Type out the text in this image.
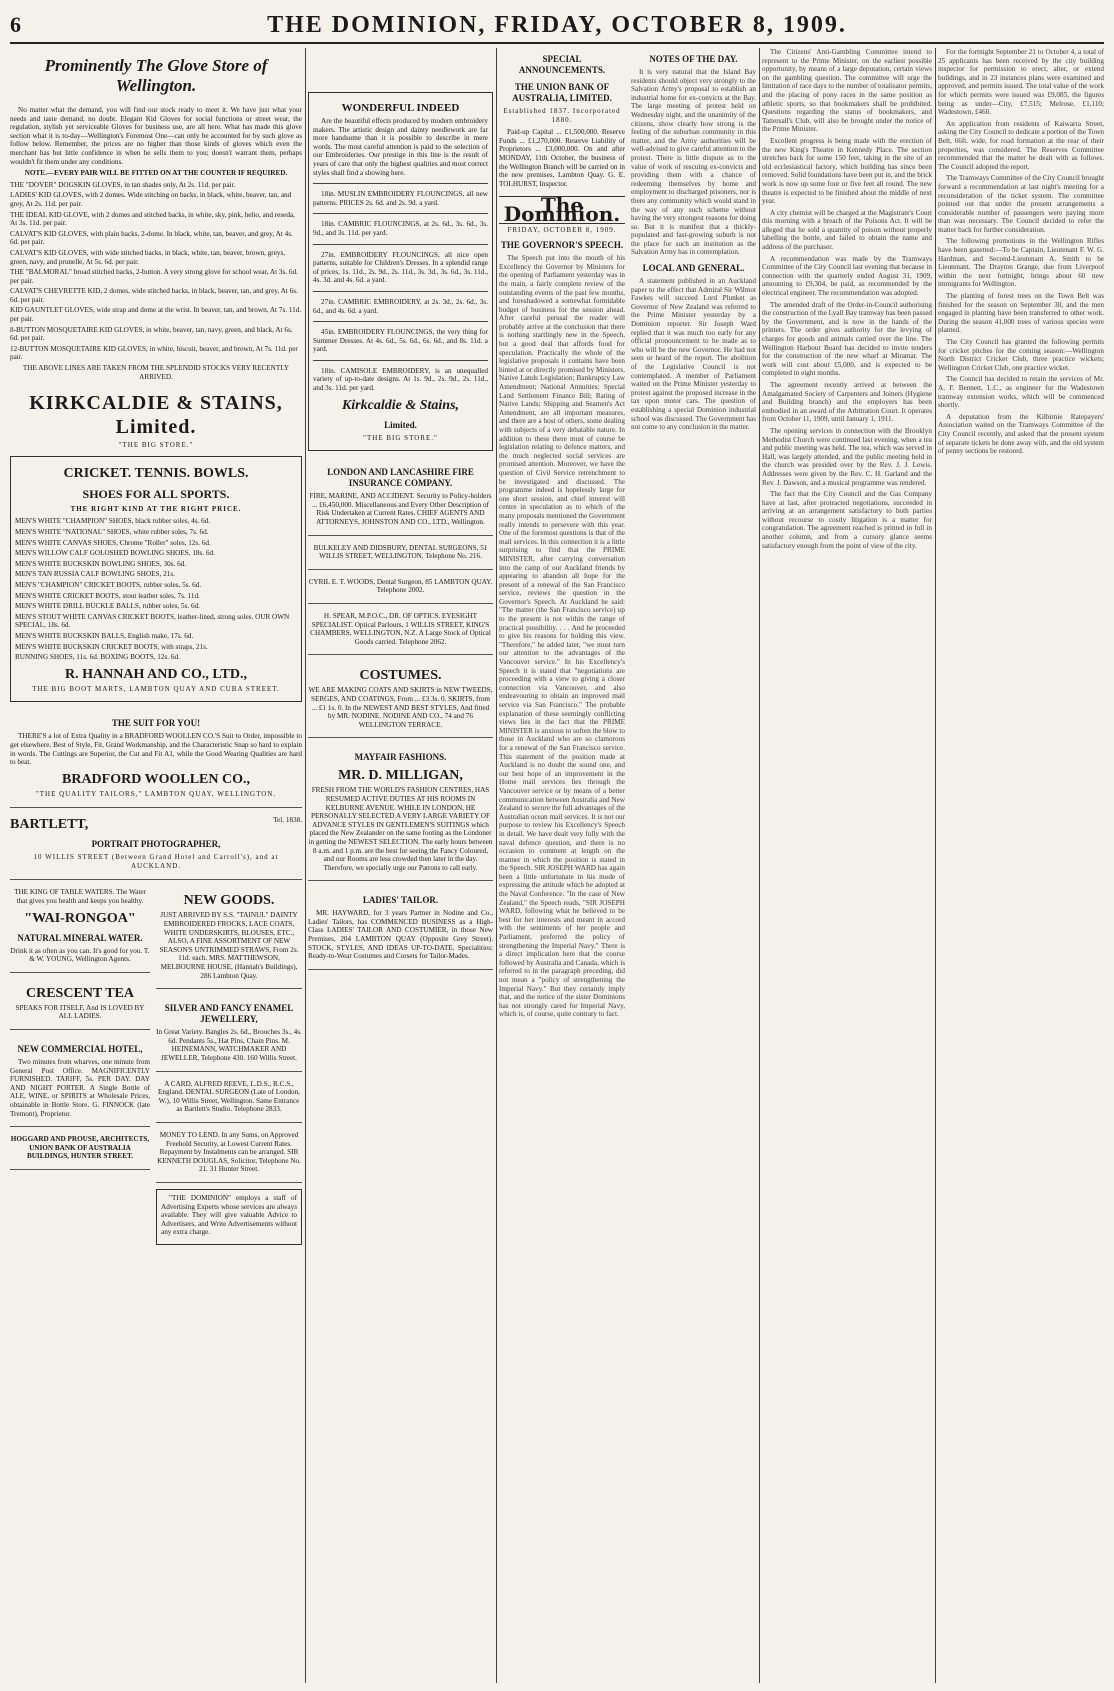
6	THE DOMINION, FRIDAY, OCTOBER 8, 1909.
Prominently The Glove Store of Wellington.

No matter what the demand, you will find our stock ready to meet it. We have just what your needs and taste demand, no doubt. Elegant Kid Gloves for social functions or street wear, the regulation, stylish yet serviceable Gloves for business use, are all here. What has made this glove section what it is to-day—Wellington's Foremost One—can only be accounted for by such glove as follow below. Remember, the prices are no higher than those kinds of gloves which even the merchant has but little confidence in when he sells them to you; doesn't warrant them, perhaps wouldn't fit them under any conditions.

NOTE.—EVERY PAIR WILL BE FITTED ON AT THE COUNTER IF REQUIRED.

THE "DOVER" DOGSKIN GLOVES, in tan shades only, At 2s. 11d. per pair.

LADIES' KID GLOVES, with 2 domes. Wide stitching on backs, in black, white, beaver, tan, and grey, At 2s. 11d. per pair.

THE IDEAL KID GLOVE, with 2 domes and stitched backs, in white, sky, pink, helio, and reseda, At 3s. 11d. per pair.

CALVAT'S KID GLOVES, with plain backs, 2-dome. In black, white, tan, beaver, and grey, At 4s. 6d. per pair.

CALVAT'S KID GLOVES, with wide stitched backs, in black, white, tan, beaver, brown, greys, green, navy, and prunelle, At 5s. 6d. per pair.

THE "BALMORAL" broad stitched backs, 2-button. A very strong glove for school wear, At 3s. 6d. per pair.

CALVAT'S CHEVRETTE KID, 2 domes, wide stitched backs, in black, beaver, tan, and grey, At 6s. 6d. per pair.

KID GAUNTLET GLOVES, wide strap and dome at the wrist. In beaver, tan, and brown, At 7s. 11d. per pair.

8-BUTTON MOSQUETAIRE KID GLOVES, in white, beaver, tan, navy, green, and black, At 6s. 6d. per pair.

12-BUTTON MOSQUETAIRE KID GLOVES, in white, biscuit, beaver, and brown, At 7s. 11d. per pair.

THE ABOVE LINES ARE TAKEN FROM THE SPLENDID STOCKS VERY RECENTLY ARRIVED.

KIRKCALDIE & STAINS, Limited.
"THE BIG STORE."
CRICKET. TENNIS. BOWLS.
SHOES FOR ALL SPORTS.
THE RIGHT KIND AT THE RIGHT PRICE.

MEN'S WHITE "CHAMPION" SHOES, black rubber soles, 4s. 6d.

MEN'S WHITE "NATIONAL" SHOES, white rubber soles, 7s. 6d.

MEN'S WHITE CANVAS SHOES, Chrome "Roller" soles, 12s. 6d.

MEN'S WILLOW CALF GOLOSHED BOWLING SHOES, 18s. 6d.

MEN'S WHITE BUCKSKIN BOWLING SHOES, 30s. 6d.

MEN'S TAN RUSSIA CALF BOWLING SHOES, 21s.

MEN'S "CHAMPION" CRICKET BOOTS, rubber soles, 5s. 6d.

MEN'S WHITE CRICKET BOOTS, stout leather soles, 7s. 11d.

MEN'S WHITE DRILL BUCKLE BALLS, rubber soles, 5s. 6d.

MEN'S STOUT WHITE CANVAS CRICKET BOOTS, leather-lined, strong soles. OUR OWN SPECIAL, 18s. 6d.

MEN'S WHITE BUCKSKIN BALLS, English make, 17s. 6d.

MEN'S WHITE BUCKSKIN CRICKET BOOTS, with straps, 21s.

RUNNING SHOES, 11s. 6d. BOXING BOOTS, 12s. 6d.

R. HANNAH AND CO., LTD.,
THE BIG BOOT MARTS, LAMBTON QUAY AND CUBA STREET.
THE SUIT FOR YOU!

THERE'S a lot of Extra Quality in a BRADFORD WOOLLEN CO.'S Suit to Order, impossible to get elsewhere. Best of Style, Fit, Grand Workmanship, and the Characteristic Snap so hard to explain in words. The Cuttings are Superior, the Cut and Fit A1, while the Good Wearing Qualities are hard to beat.

BRADFORD WOOLLEN CO.,
"THE QUALITY TAILORS," LAMBTON QUAY, WELLINGTON.
BARTLETT,	Tel. 1838.
PORTRAIT PHOTOGRAPHER,
10 WILLIS STREET (Between Grand Hotel and Carroll's), and at AUCKLAND.

THE KING OF TABLE WATERS. The Water that gives you health and keeps you healthy.

"WAI-RONGOA"
NATURAL MINERAL WATER.

Drink it as often as you can. It's good for you. T. & W. YOUNG, Wellington Agents.

CRESCENT TEA

SPEAKS FOR ITSELF, And IS LOVED BY ALL LADIES.

NEW COMMERCIAL HOTEL,

Two minutes from wharves, one minute from General Post Office. MAGNIFICENTLY FURNISHED. TARIFF, 5s. PER DAY. DAY AND NIGHT PORTER. A Single Bottle of ALE, WINE, or SPIRITS at Wholesale Prices, obtainable in Bottle Store. G. FINNOCK (late Tremont), Proprietor.

HOGGARD AND PROUSE, ARCHITECTS, UNION BANK OF AUSTRALIA BUILDINGS, HUNTER STREET.

NEW GOODS.

JUST ARRIVED BY S.S. "TAINUI." DAINTY EMBROIDERED FROCKS, LACE COATS, WHITE UNDERSKIRTS, BLOUSES, ETC., ALSO, A FINE ASSORTMENT OF NEW SEASON'S UNTRIMMED STRAWS, From 2s. 11d. each. MRS. MATTHEWSON, MELBOURNE HOUSE, (Hannah's Buildings), 286 Lambton Quay.

SILVER AND FANCY ENAMEL JEWELLERY,

In Great Variety. Bangles 2s. 6d., Brooches 3s., 4s. 6d. Pendants 5s., Hat Pins, Chain Pins. M. HEINEMANN, WATCHMAKER AND JEWELLER, Telephone 430. 160 Willis Street.

A CARD. ALFRED REEVE, L.D.S., R.C.S., England. DENTAL SURGEON (Late of London, W.), 10 Willis Street, Wellington. Same Entrance as Bartlett's Studio. Telephone 2833.

MONEY TO LEND. In any Sums, on Approved Freehold Security, at Lowest Current Rates. Repayment by Instalments can be arranged. SIR KENNETH DOUGLAS, Solicitor, Telephone No. 21. 31 Hunter Street.

"THE DOMINION" employs a staff of Advertising Experts whose services are always available. They will give valuable Advice to Advertisers, and Write Advertisements without any extra charge.

WONDERFUL INDEED

Are the beautiful effects produced by modern embroidery makers. The artistic design and dainty needlework are far more handsome than it is possible to describe in mere words. The most careful attention is paid to the selection of our Embroideries. Our prestige in this line is the result of years of care that only the highest qualities and most correct styles shall find a showing here.

18in. MUSLIN EMBROIDERY FLOUNCINGS, all new patterns. PRICES 2s. 6d. and 2s. 9d. a yard.

18in. CAMBRIC FLOUNCINGS, at 2s. 6d., 3s. 6d., 3s. 9d., and 3s. 11d. per yard.

27in. EMBROIDERY FLOUNCINGS, all nice open patterns, suitable for Children's Dresses. In a splendid range of prices, 1s. 11d., 2s. 9d., 2s. 11d., 3s. 3d., 3s. 6d., 3s. 11d., 4s. 3d. and 4s. 6d. a yard.

27in. CAMBRIC EMBROIDERY, at 2s. 3d., 2s. 6d., 3s. 6d., and 4s. 6d. a yard.

45in. EMBROIDERY FLOUNCINGS, the very thing for Summer Dresses. At 4s. 6d., 5s. 6d., 6s. 6d., and 8s. 11d. a yard.

18in. CAMISOLE EMBROIDERY, is an unequalled variety of up-to-date designs. At 1s. 9d., 2s. 9d., 2s. 11d., and 3s. 11d. per yard.

Kirkcaldie & Stains,
Limited.
"THE BIG STORE."
LONDON AND LANCASHIRE FIRE INSURANCE COMPANY.

FIRE, MARINE, AND ACCIDENT. Security to Policy-holders ... £6,450,000. Miscellaneous and Every Other Description of Risk Undertaken at Current Rates. CHIEF AGENTS AND ATTORNEYS, JOHNSTON AND CO., LTD., Wellington.

BULKELEY AND DIDSBURY, DENTAL SURGEONS, 51 WILLIS STREET, WELLINGTON. Telephone No. 216.

CYRIL E. T. WOODS, Dental Surgeon, 85 LAMBTON QUAY. Telephone 2002.

H. SPEAR, M.P.O.C., DR. OF OPTICS. EYESIGHT SPECIALIST. Optical Parlours, 1 WILLIS STREET, KING'S CHAMBERS, WELLINGTON, N.Z. A Large Stock of Optical Goods carried. Telephone 2062.

COSTUMES.

WE ARE MAKING COATS AND SKIRTS in NEW TWEEDS, SERGES, AND COATINGS, From ... £3 3s. 0. SKIRTS, from ... £1 1s. 0. In the NEWEST AND BEST STYLES, And fitted by MR. NODINE. NODINE AND CO., 74 and 76 WELLINGTON TERRACE.

MAYFAIR FASHIONS.
MR. D. MILLIGAN,

FRESH FROM THE WORLD'S FASHION CENTRES, HAS RESUMED ACTIVE DUTIES AT HIS ROOMS IN KELBURNE AVENUE. WHILE IN LONDON, HE PERSONALLY SELECTED A VERY LARGE VARIETY OF ADVANCE STYLES IN GENTLEMEN'S SUITINGS which placed the New Zealander on the same footing as the Londoner in getting the NEWEST SELECTION. The early hours between 8 a.m. and 1 p.m. are the best for seeing the Fancy Coloured, and our Rooms are less crowded then later in the day. Therefore, we specially urge our Patrons to call early.

LADIES' TAILOR.

MR. HAYWARD, for 3 years Partner in Nodine and Co., Ladies' Tailors, has COMMENCED BUSINESS as a High-Class LADIES' TAILOR AND COSTUMIER, in those New Premises, 204 LAMBTON QUAY (Opposite Grey Street). STOCK, STYLES, AND IDEAS UP-TO-DATE. Specialities: Ready-to-Wear Costumes and Corsets for Tailor-Mades.

SPECIAL ANNOUNCEMENTS.
THE UNION BANK OF AUSTRALIA, LIMITED.
Established 1837. Incorporated 1880.

Paid-up Capital ... £1,500,000. Reserve Funds ... £1,270,000. Reserve Liability of Proprietors ... £3,000,000. On and after MONDAY, 11th October, the business of the Wellington Branch will be carried on in the new premises, Lambton Quay. G. E. TOLHURST, Inspector.

The Dominion.
FRIDAY, OCTOBER 8, 1909.
THE GOVERNOR'S SPEECH.

The Speech put into the mouth of his Excellency the Governor by Ministers for the opening of Parliament yesterday was in the main, a fairly complete review of the outstanding events of the past few months, and foreshadowed a somewhat formidable budget of business for the session ahead. After careful perusal the reader will probably arrive at the conclusion that there is nothing startlingly new in the Speech, but a good deal that affords food for speculation. Practically the whole of the legislative proposals it contains have been hinted at or directly promised by Ministers. Native Lands Legislation; Bankruptcy Law Amendment; National Annuities; Special Land Settlement Finance Bill; Rating of Native Lands; Shipping and Seamen's Act Amendment, are all important measures, and there are a host of others, some dealing with subjects of a very debatable nature. In addition to these there must of course be legislation relating to defence matters, and the much neglected social services are promised attention. Moreover, we have the question of Civil Service retrenchment to be investigated and discussed. The programme indeed is hopelessly large for one short session, and chief interest will centre in speculation as to which of the many proposals mentioned the Government really intends to persevere with this year. One of the foremost questions is that of the mail services. In this connection it is a little surprising to find that the PRIME MINISTER, after carrying conversation into the camp of our Auckland friends by appearing to abandon all hope for the present of a renewal of the San Francisco service, reviews the question in the Governor's Speech. At Auckland he said: "The matter (the San Francisco service) up to the present is not within the range of practical possibility. . . . And he proceeded to give his reasons for holding this view. "Therefore," he added later, "we must turn our attention to the advantages of the Vancouver service." In his Excellency's Speech it is stated that "negotiations are proceeding with a view to giving a closer connection via Vancouver, and also endeavouring to obtain an improved mail service via San Francisco." The probable explanation of these seemingly conflicting views lies in the fact that the PRIME MINISTER is anxious to soften the blow to those in Auckland who are so clamorous for a renewal of the San Francisco service. This statement of the position made at Auckland is no doubt the sound one, and our best hope of an improvement in the Home mail services lies through the Vancouver service or by means of a better communication between Australia and New Zealand to secure the full advantages of the Australian ocean mail services. It is not our purpose to review his Excellency's Speech in detail. We have dealt very fully with the naval defence question, and there is no occasion to comment at length on the manner in which the position is stated in the Speech. SIR JOSEPH WARD has again been a little unfortunate in his mode of expressing the attitude which he adopted at the Naval Conference. "In the case of New Zealand," the Speech reads, "SIR JOSEPH WARD, following what he believed to be best for her interests and meant in accord with the sentiments of her people and Parliament, preferred the policy of strengthening the Imperial Navy." There is a direct implication here that the course followed by Australia and Canada, which is referred to in the paragraph preceding, did not mean a "policy of strengthening the Imperial Navy." But they certainly imply that, and the notice of the sister Dominions has not strongly cared for Imperial Navy, which is, of course, quite contrary to fact.

NOTES OF THE DAY.

It is very natural that the Island Bay residents should object very strongly to the Salvation Army's proposal to establish an industrial home for ex-convicts at the Bay. The large meeting of protest held on Wednesday night, and the unanimity of the citizens, show clearly how strong is the feeling of the suburban community in this matter, and the Army authorities will be well-advised to give careful attention to the protest. There is little dispute as to the value of work of rescuing ex-convicts and providing them with a chance of redeeming themselves by home and employment to discharged prisoners, nor is there any community which would stand in the way of any such scheme without having the very strongest reasons for doing so. But it is manifest that a thickly-populated and fast-growing suburb is not the place for such an institution as the Salvation Army has in contemplation.

LOCAL AND GENERAL.

A statement published in an Auckland paper to the effect that Admiral Sir Wilmot Fawkes will succeed Lord Plunket as Governor of New Zealand was referred to the Prime Minister yesterday by a Dominion reporter. Sir Joseph Ward replied that it was much too early for any official pronouncement to be made as to who will be the new Governor. He had not seen or heard of the report. The abolition of the Legislative Council is not contemplated. A member of Parliament waited on the Prime Minister yesterday to protest against the proposed increase in the tax upon motor cars. The question of establishing a special Dominion industrial school was discussed. The Government has not come to any conclusion in the matter.

The Citizens' Anti-Gambling Committee intend to represent to the Prime Minister, on the earliest possible opportunity, by means of a large deputation, certain views on the gambling question. The committee will urge the limitation of race days to the number of totalisator permits, and the placing of pony races in the same position as athletic sports, so that bookmakers shall be prohibited. Questions regarding the status of bookmakers, and Tattersall's Club, will also be brought under the notice of the Prime Minister.

Excellent progress is being made with the erection of the new King's Theatre in Kennedy Place. The section stretches back for some 150 feet, taking in the site of an old ecclesiastical factory, which building has since been removed. Solid foundations have been put in, and the brick work is now up some four or five feet all round. The new theatre is expected to be finished about the middle of next year.

A city chemist will be charged at the Magistrate's Court this morning with a breach of the Poisons Act. It will be alleged that he sold a quantity of poison without properly labelling the bottle, and failed to obtain the name and address of the purchaser.

A recommendation was made by the Tramways Committee of the City Council last evening that because in connection with the quarterly ended August 31, 1909, amounting to £9,304, be paid, as recommended by the electrical engineer. The recommendation was adopted.

The amended draft of the Order-in-Council authorising the construction of the Lyall Bay tramway has been passed by the Government, and is now in the hands of the printers. The order gives authority for the levying of charges for goods and animals carried over the line. The Wellington Harbour Board has decided to invite tenders for the construction of the new wharf at Miramar. The work will cost about £5,000, and is expected to be completed in eight months.

The agreement recently arrived at between the Amalgamated Society of Carpenters and Joiners (Hygiene and Building branch) and the employers has been embodied in an award of the Arbitration Court. It operates from October 11, 1909, until January 1, 1911.

The opening services in connection with the Brooklyn Methodist Church were continued last evening, when a tea and public meeting was held. The tea, which was served in Hall, was largely attended, and the public meeting held in the church was presided over by the Rev. J. J. Lewis. Addresses were given by the Rev. C. H. Garland and the Rev. J. Dawson, and a musical programme was rendered.

The fact that the City Council and the Gas Company have at last, after protracted negotiations, succeeded in arriving at an arrangement satisfactory to both parties without recourse to costly litigation is a matter for congratulation. The agreement reached is printed in full in another column, and from a cursory glance seems satisfactory enough from the point of view of the city.

For the fortnight September 21 to October 4, a total of 25 applicants has been received by the city building inspector for permission to erect, alter, or extend buildings, and in 23 instances plans were examined and approved, and permits issued. The total value of the work for which permits were issued was £9,085, the figures being as under—City, £7,515; Melrose, £1,110; Wadestown, £460.

An application from residents of Kaiwarra Street, asking the City Council to dedicate a portion of the Town Belt, 66ft. wide, for road formation at the rear of their properties, was considered. The Reserves Committee recommended that the matter be dealt with as follows. The Council adopted the report.

The Tramways Committee of the City Council brought forward a recommendation at last night's meeting for a reconsideration of the ticket system. The committee pointed out that under the present arrangements a considerable number of passengers were paying more than was necessary. The Council decided to refer the matter back for further consideration.

The following promotions in the Wellington Rifles have been gazetted:—To be Captain, Lieutenant F. W. G. Hardman, and Second-Lieutenant A. Smith to be Lieutenant. The Drayton Grange, due from Liverpool within the next fortnight, brings about 60 new immigrants for Wellington.

The planting of forest trees on the Town Belt was finished for the season on September 30, and the men engaged in planting have been transferred to other work. During the season 41,000 trees of various species were planted.

The City Council has granted the following permits for cricket pitches for the coming season:—Wellington North District Cricket Club, three practice wickets; Wellington Cricket Club, one practice wicket.

The Council has decided to retain the services of Mr. A. F. Bennett, L.C., as engineer for the Wadestown tramway extension works, which will be commenced shortly.

A deputation from the Kilbirnie Ratepayers' Association waited on the Tramways Committee of the City Council recently, and asked that the present system of separate tickets be done away with, and the old system of penny sections be restored.
